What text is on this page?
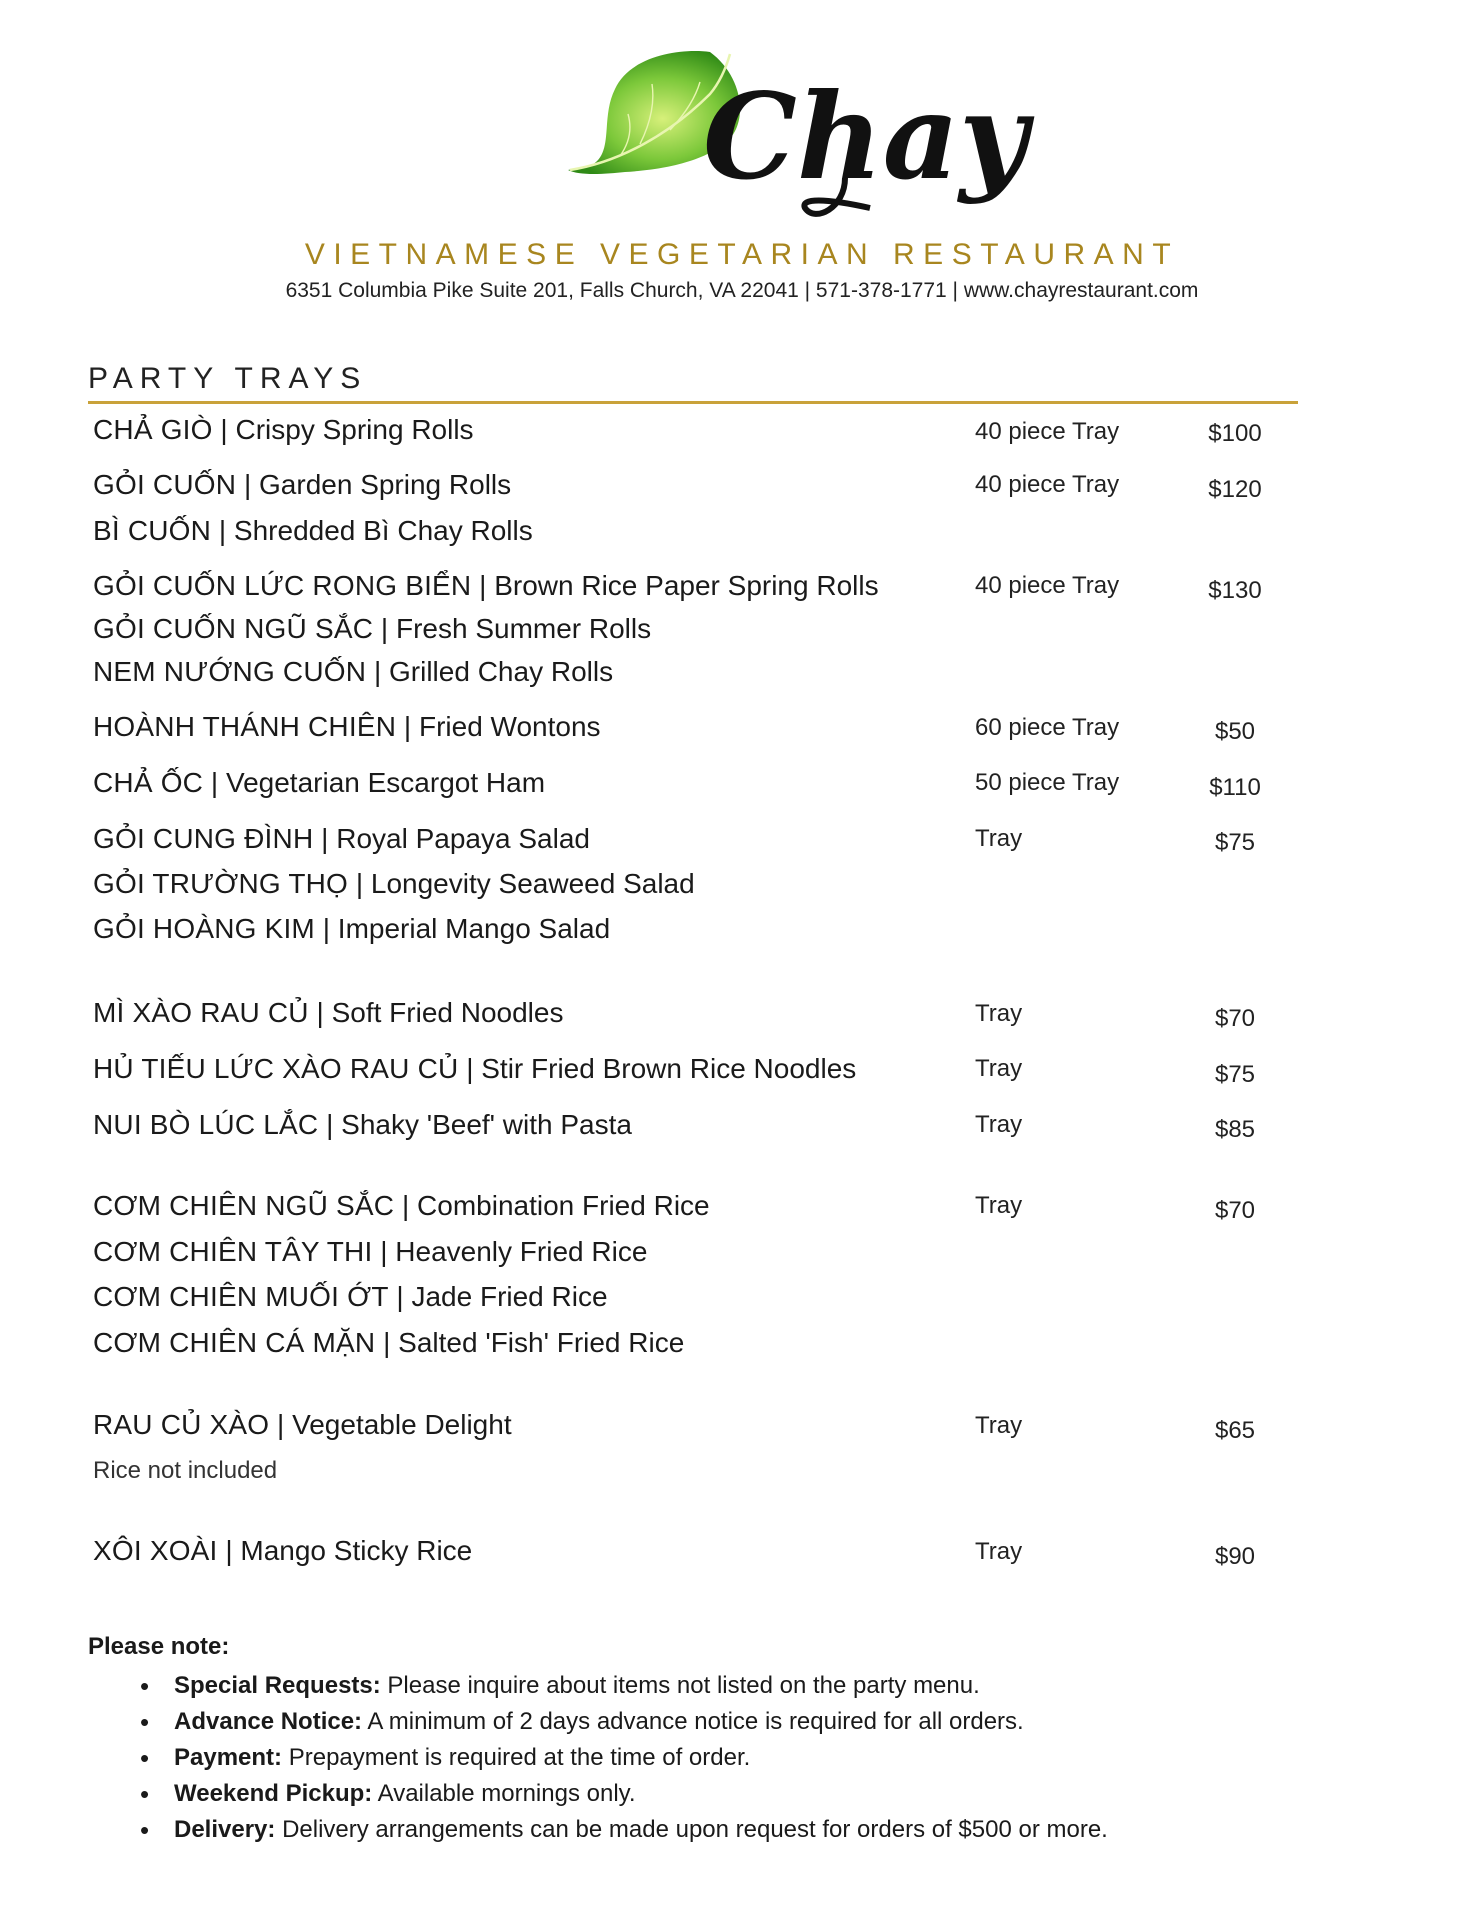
Chay
VIETNAMESE VEGETARIAN RESTAURANT
6351 Columbia Pike Suite 201, Falls Church, VA 22041 | 571-378-1771 | www.chayrestaurant.com
PARTY TRAYS
CHẢ GIÒ | Crispy Spring Rolls	40 piece Tray	$100
GỎI CUỐN | Garden Spring Rolls	40 piece Tray	$120
BÌ CUỐN | Shredded Bì Chay Rolls
GỎI CUỐN LỨC RONG BIỂN | Brown Rice Paper Spring Rolls	40 piece Tray	$130
GỎI CUỐN NGŨ SẮC | Fresh Summer Rolls
NEM NƯỚNG CUỐN | Grilled Chay Rolls
HOÀNH THÁNH CHIÊN | Fried Wontons	60 piece Tray	$50
CHẢ ỐC | Vegetarian Escargot Ham	50 piece Tray	$110
GỎI CUNG ĐÌNH | Royal Papaya Salad	Tray	$75
GỎI TRƯỜNG THỌ | Longevity Seaweed Salad
GỎI HOÀNG KIM | Imperial Mango Salad
MÌ XÀO RAU CỦ | Soft Fried Noodles	Tray	$70
HỦ TIẾU LỨC XÀO RAU CỦ | Stir Fried Brown Rice Noodles	Tray	$75
NUI BÒ LÚC LẮC | Shaky 'Beef' with Pasta	Tray	$85
CƠM CHIÊN NGŨ SẮC | Combination Fried Rice	Tray	$70
CƠM CHIÊN TÂY THI | Heavenly Fried Rice
CƠM CHIÊN MUỐI ỚT | Jade Fried Rice
CƠM CHIÊN CÁ MẶN | Salted 'Fish' Fried Rice
RAU CỦ XÀO | Vegetable Delight	Tray	$65
Rice not included
XÔI XOÀI | Mango Sticky Rice	Tray	$90
Please note:
• Special Requests: Please inquire about items not listed on the party menu.
• Advance Notice: A minimum of 2 days advance notice is required for all orders.
• Payment: Prepayment is required at the time of order.
• Weekend Pickup: Available mornings only.
• Delivery: Delivery arrangements can be made upon request for orders of $500 or more.
